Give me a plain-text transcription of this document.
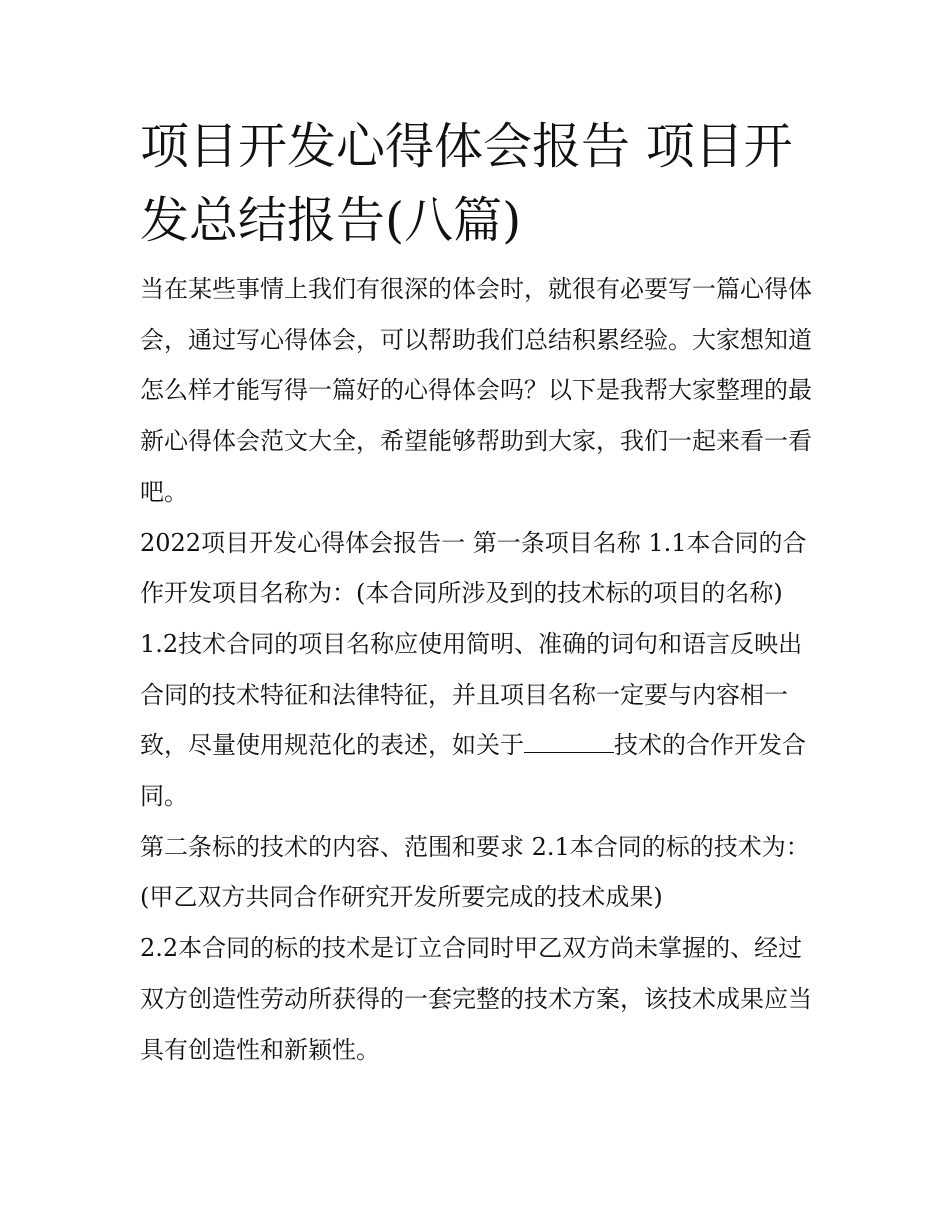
项目开发心得体会报告 项目开发总结报告(八篇)

当在某些事情上我们有很深的体会时，就很有必要写一篇心得体会，通过写心得体会，可以帮助我们总结积累经验。大家想知道怎么样才能写得一篇好的心得体会吗？以下是我帮大家整理的最新心得体会范文大全，希望能够帮助到大家，我们一起来看一看吧。

2022项目开发心得体会报告一 第一条项目名称 1.1本合同的合作开发项目名称为：(本合同所涉及到的技术标的项目的名称)

1.2技术合同的项目名称应使用简明、准确的词句和语言反映出合同的技术特征和法律特征，并且项目名称一定要与内容相一致，尽量使用规范化的表述，如关于	技术的合作开发合同。

第二条标的技术的内容、范围和要求 2.1本合同的标的技术为：(甲乙双方共同合作研究开发所要完成的技术成果)

2.2本合同的标的技术是订立合同时甲乙双方尚未掌握的、经过双方创造性劳动所获得的一套完整的技术方案，该技术成果应当具有创造性和新颖性。
